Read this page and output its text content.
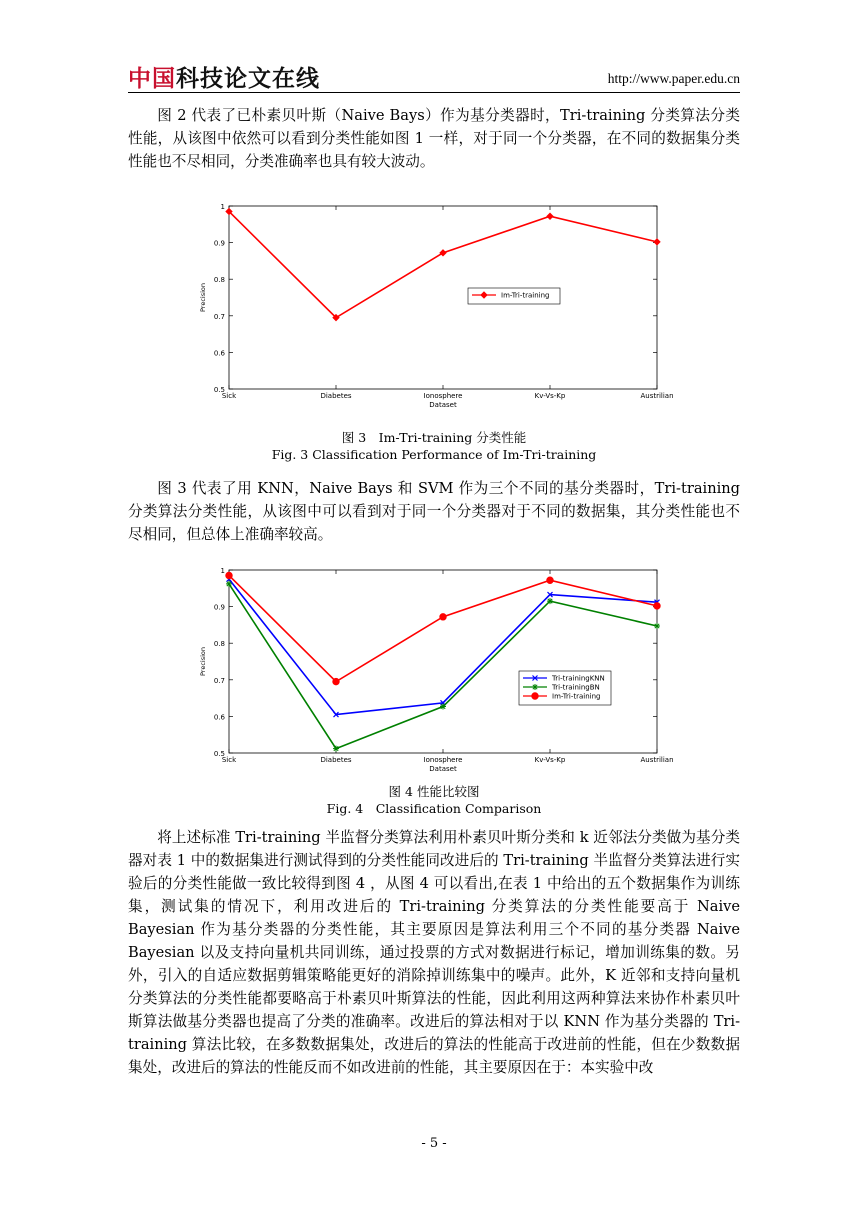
中国科技论文在线	http://www.paper.edu.cn

图 2 代表了已朴素贝叶斯（Naive Bays）作为基分类器时，Tri-training 分类算法分类性能，从该图中依然可以看到分类性能如图 1 一样，对于同一个分类器，在不同的数据集分类性能也不尽相同，分类准确率也具有较大波动。

0.5
0.6
0.7
0.8
0.9
1
Sick	Diabetes	Ionosphere	Kv-Vs-Kp	Austrilian
Dataset
Precision	Im-Tri-training
图 3　Im-Tri-training 分类性能
Fig. 3 Classification Performance of Im-Tri-training

图 3 代表了用 KNN，Naive Bays 和 SVM 作为三个不同的基分类器时，Tri-training 分类算法分类性能，从该图中可以看到对于同一个分类器对于不同的数据集，其分类性能也不尽相同，但总体上准确率较高。

0.5
0.6
0.7
0.8
0.9
1
Sick	Diabetes	Ionosphere	Kv-Vs-Kp	Austrilian
Dataset
Precision
Tri-trainingKNN
Tri-trainingBN
Im-Tri-training
图 4 性能比较图
Fig. 4　Classification Comparison

将上述标准 Tri-training 半监督分类算法利用朴素贝叶斯分类和 k 近邻法分类做为基分类器对表 1 中的数据集进行测试得到的分类性能同改进后的 Tri-training 半监督分类算法进行实验后的分类性能做一致比较得到图 4 ，从图 4 可以看出,在表 1 中给出的五个数据集作为训练集，测试集的情况下，利用改进后的 Tri-training 分类算法的分类性能要高于 Naive Bayesian 作为基分类器的分类性能，其主要原因是算法利用三个不同的基分类器 Naive Bayesian 以及支持向量机共同训练，通过投票的方式对数据进行标记，增加训练集的数。另外，引入的自适应数据剪辑策略能更好的消除掉训练集中的噪声。此外，K 近邻和支持向量机分类算法的分类性能都要略高于朴素贝叶斯算法的性能，因此利用这两种算法来协作朴素贝叶斯算法做基分类器也提高了分类的准确率。改进后的算法相对于以 KNN 作为基分类器的 Tri-training 算法比较，在多数数据集处，改进后的算法的性能高于改进前的性能，但在少数数据集处，改进后的算法的性能反而不如改进前的性能，其主要原因在于：本实验中改

- 5 -
